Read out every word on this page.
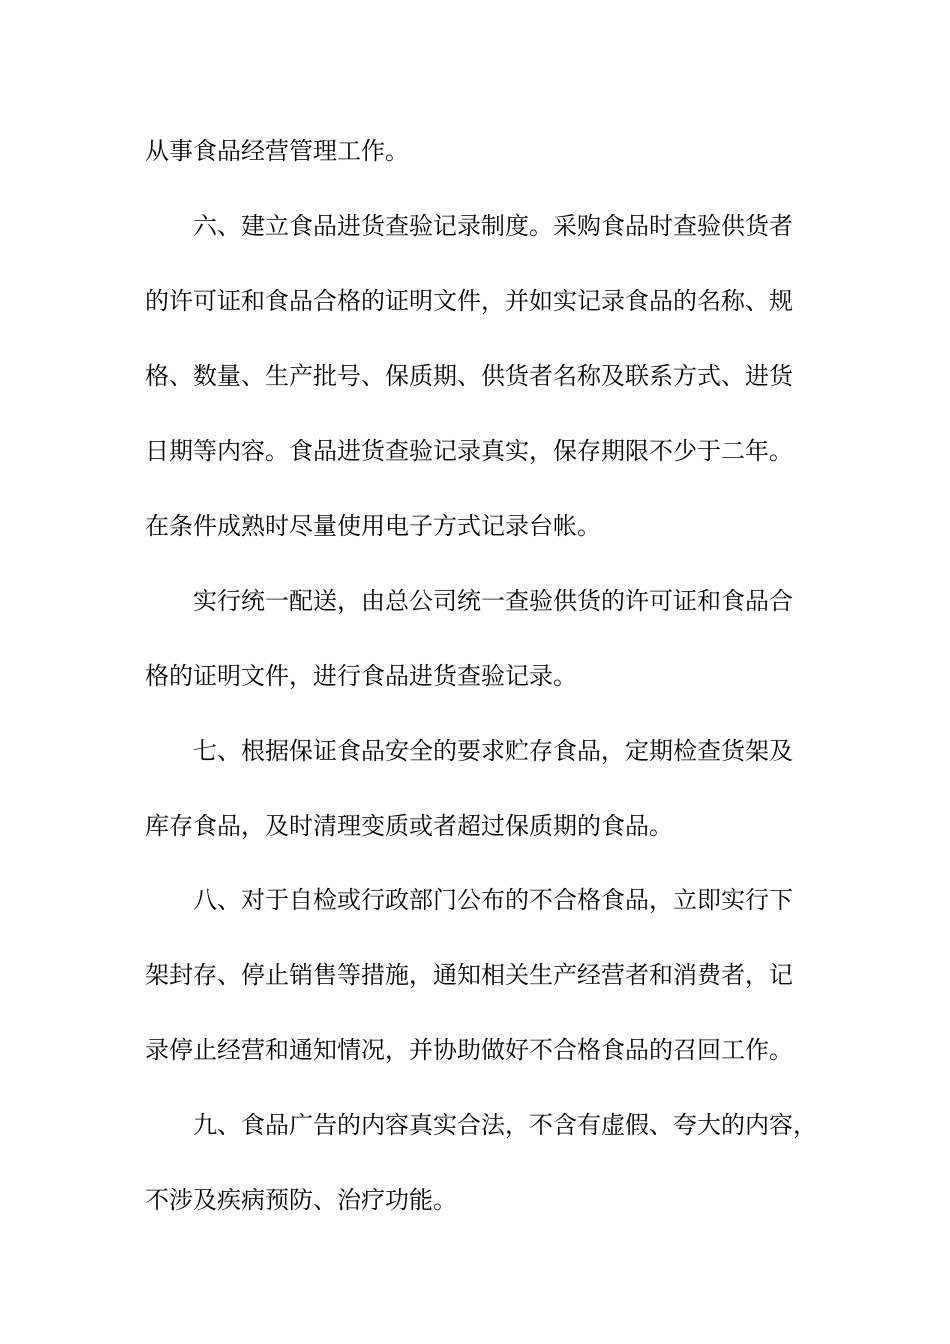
从事食品经营管理工作。
六、建立食品进货查验记录制度。采购食品时查验供货者
的许可证和食品合格的证明文件，并如实记录食品的名称、规
格、数量、生产批号、保质期、供货者名称及联系方式、进货
日期等内容。食品进货查验记录真实，保存期限不少于二年。
在条件成熟时尽量使用电子方式记录台帐。
实行统一配送，由总公司统一查验供货的许可证和食品合
格的证明文件，进行食品进货查验记录。
七、根据保证食品安全的要求贮存食品，定期检查货架及
库存食品，及时清理变质或者超过保质期的食品。
八、对于自检或行政部门公布的不合格食品，立即实行下
架封存、停止销售等措施，通知相关生产经营者和消费者，记
录停止经营和通知情况，并协助做好不合格食品的召回工作。
九、食品广告的内容真实合法，不含有虚假、夸大的内容，
不涉及疾病预防、治疗功能。
